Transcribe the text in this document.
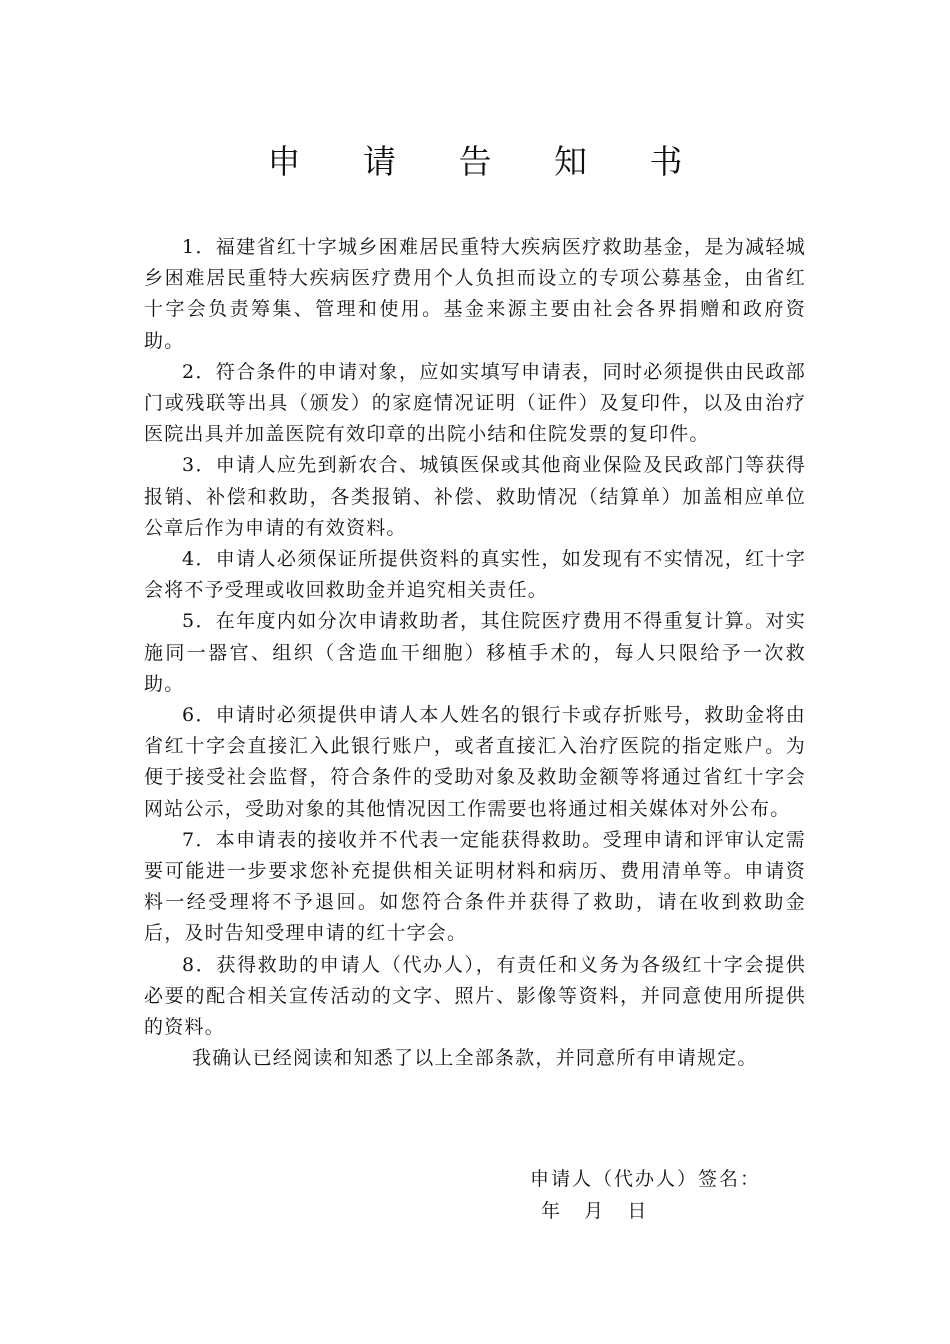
申 请 告 知 书

1．福建省红十字城乡困难居民重特大疾病医疗救助基金，是为减轻城乡困难居民重特大疾病医疗费用个人负担而设立的专项公募基金，由省红十字会负责筹集、管理和使用。基金来源主要由社会各界捐赠和政府资助。

2．符合条件的申请对象，应如实填写申请表，同时必须提供由民政部门或残联等出具（颁发）的家庭情况证明（证件）及复印件，以及由治疗医院出具并加盖医院有效印章的出院小结和住院发票的复印件。

3．申请人应先到新农合、城镇医保或其他商业保险及民政部门等获得报销、补偿和救助，各类报销、补偿、救助情况（结算单）加盖相应单位公章后作为申请的有效资料。

4．申请人必须保证所提供资料的真实性，如发现有不实情况，红十字会将不予受理或收回救助金并追究相关责任。

5．在年度内如分次申请救助者，其住院医疗费用不得重复计算。对实施同一器官、组织（含造血干细胞）移植手术的，每人只限给予一次救助。

6．申请时必须提供申请人本人姓名的银行卡或存折账号，救助金将由省红十字会直接汇入此银行账户，或者直接汇入治疗医院的指定账户。为便于接受社会监督，符合条件的受助对象及救助金额等将通过省红十字会网站公示，受助对象的其他情况因工作需要也将通过相关媒体对外公布。

7．本申请表的接收并不代表一定能获得救助。受理申请和评审认定需要可能进一步要求您补充提供相关证明材料和病历、费用清单等。申请资料一经受理将不予退回。如您符合条件并获得了救助，请在收到救助金后，及时告知受理申请的红十字会。

8．获得救助的申请人（代办人），有责任和义务为各级红十字会提供必要的配合相关宣传活动的文字、照片、影像等资料，并同意使用所提供的资料。

我确认已经阅读和知悉了以上全部条款，并同意所有申请规定。

申请人（代办人）签名：
年    月    日
